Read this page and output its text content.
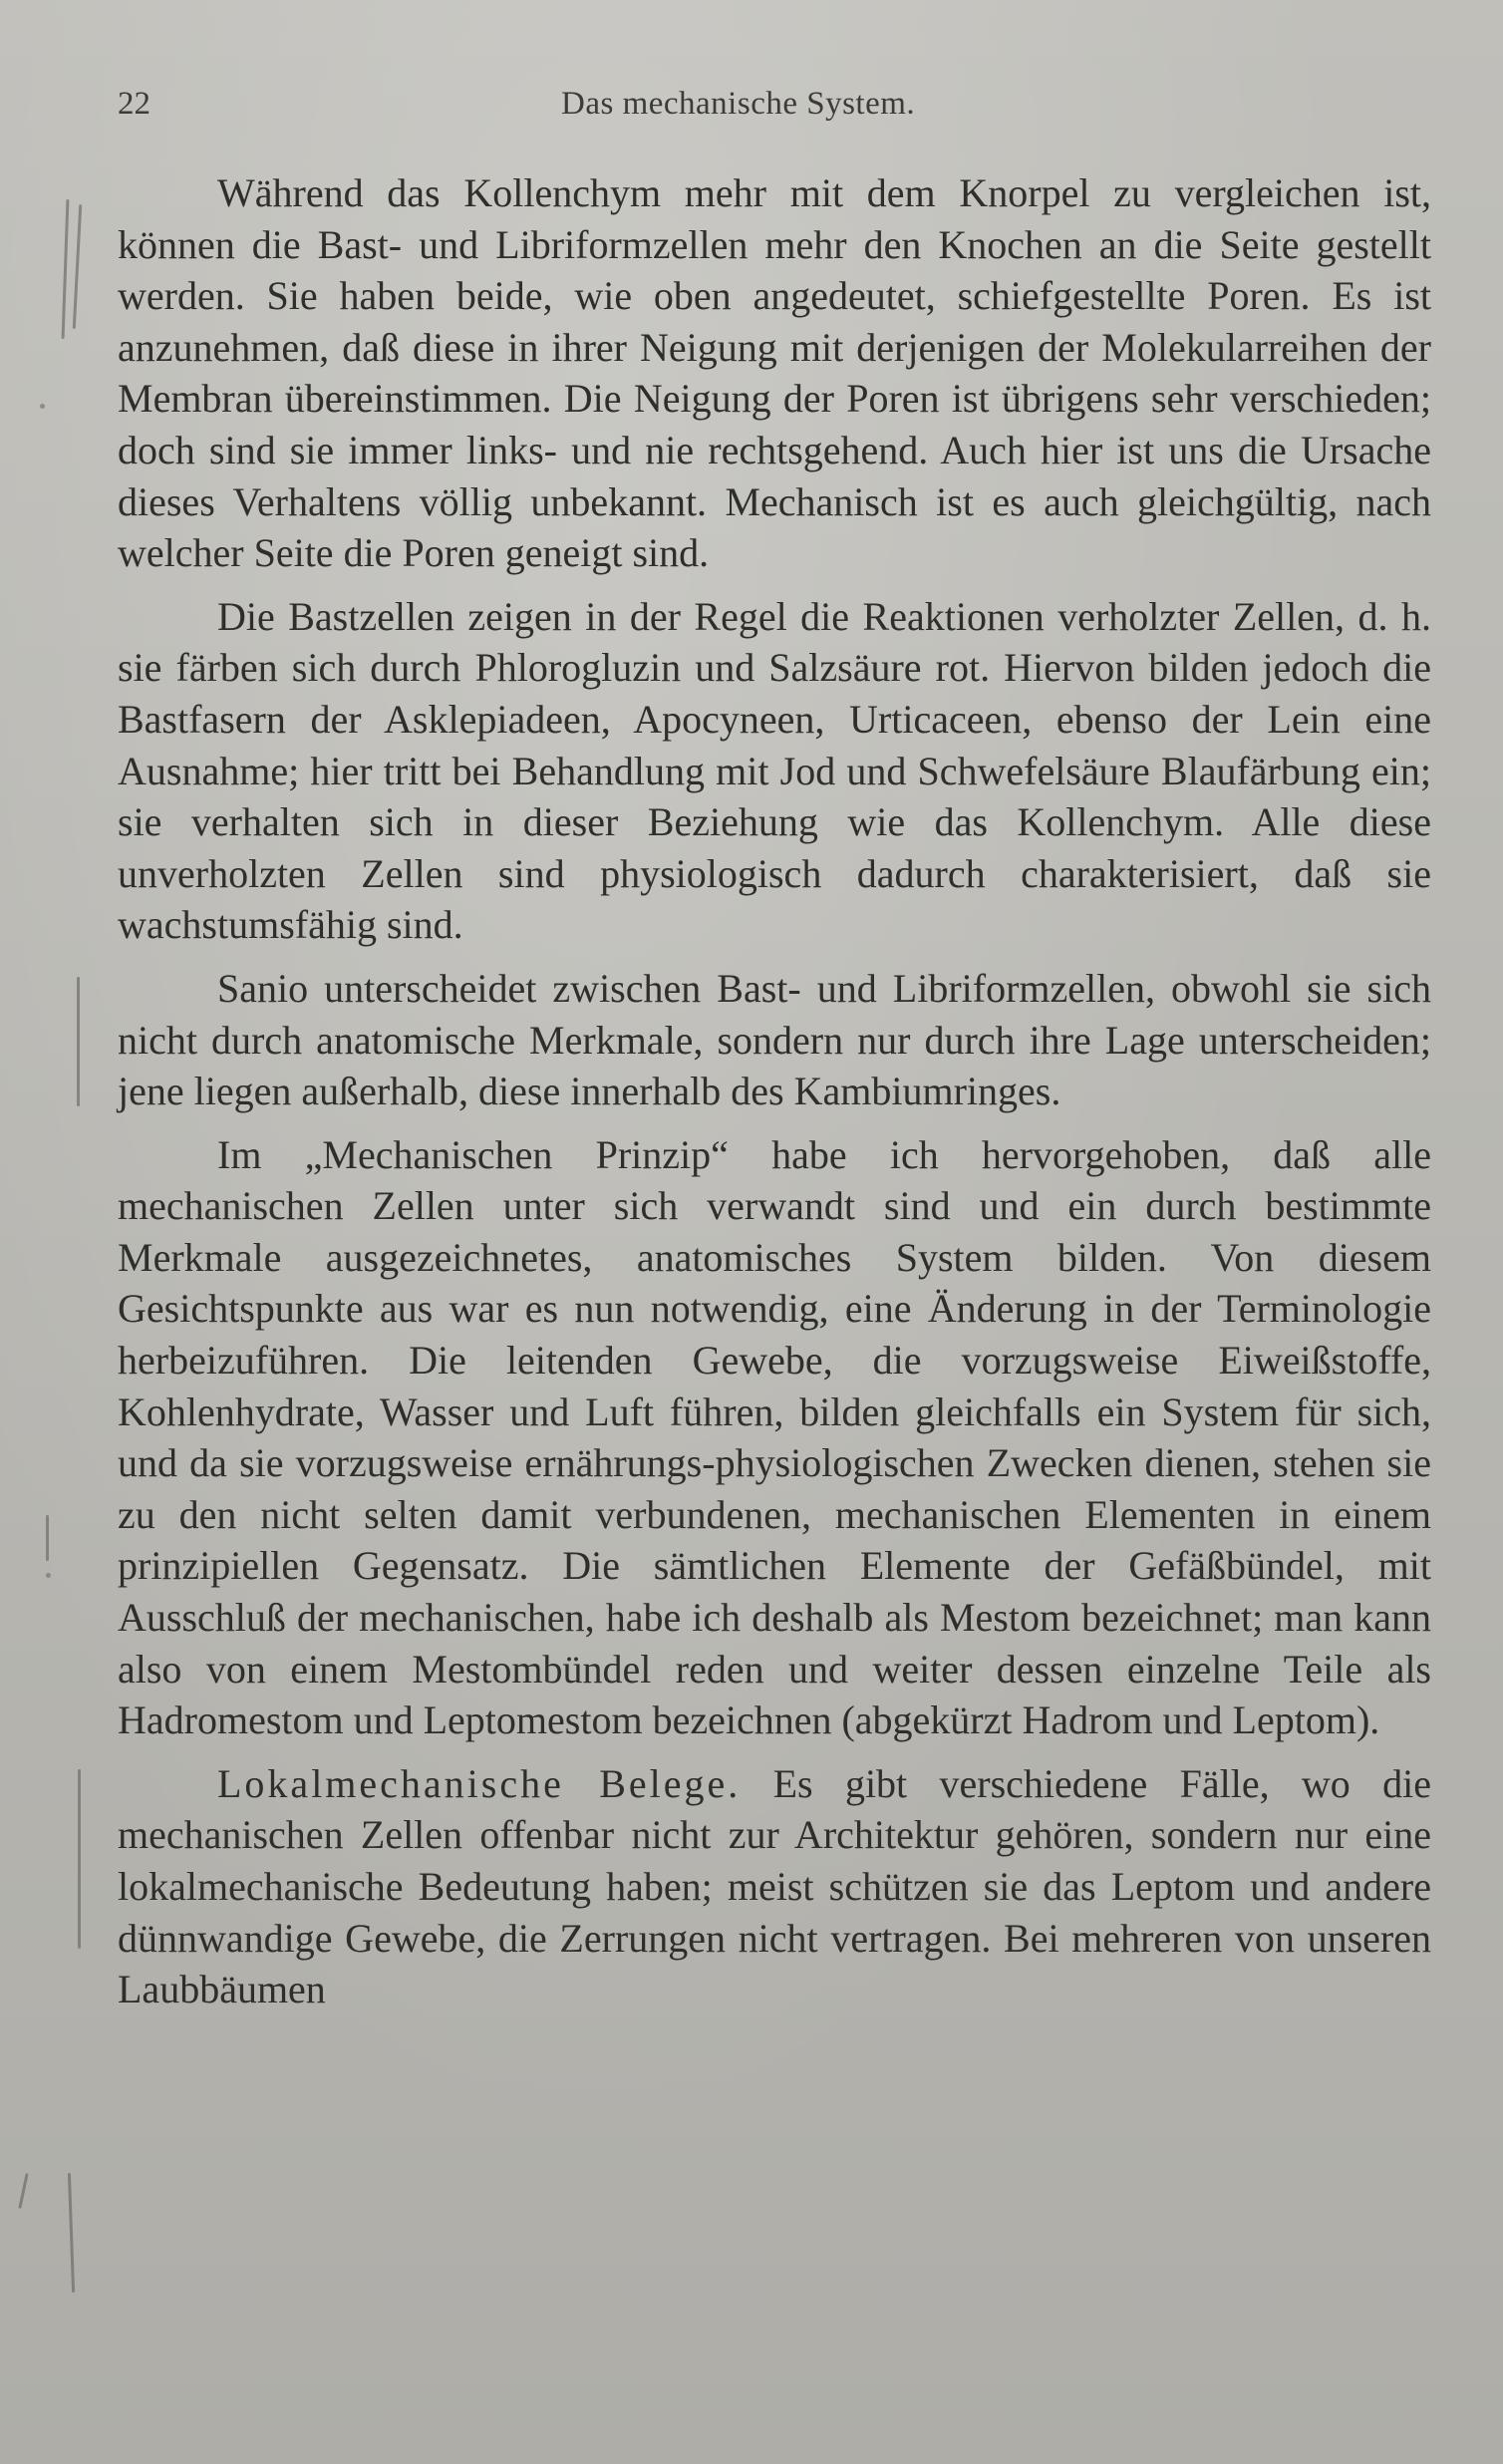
22	Das mechanische System.

Während das Kollenchym mehr mit dem Knorpel zu vergleichen ist, können die Bast- und Libriformzellen mehr den Knochen an die Seite gestellt werden. Sie haben beide, wie oben angedeutet, schiefgestellte Poren. Es ist anzunehmen, daß diese in ihrer Neigung mit derjenigen der Molekularreihen der Membran übereinstimmen. Die Neigung der Poren ist übrigens sehr verschieden; doch sind sie immer links- und nie rechtsgehend. Auch hier ist uns die Ursache dieses Verhaltens völlig unbekannt. Mechanisch ist es auch gleichgültig, nach welcher Seite die Poren geneigt sind.

Die Bastzellen zeigen in der Regel die Reaktionen verholzter Zellen, d. h. sie färben sich durch Phlorogluzin und Salzsäure rot. Hiervon bilden jedoch die Bastfasern der Asklepiadeen, Apocyneen, Urticaceen, ebenso der Lein eine Ausnahme; hier tritt bei Behandlung mit Jod und Schwefelsäure Blaufärbung ein; sie verhalten sich in dieser Beziehung wie das Kollenchym. Alle diese unverholzten Zellen sind physiologisch dadurch charakterisiert, daß sie wachstumsfähig sind.

Sanio unterscheidet zwischen Bast- und Libriformzellen, obwohl sie sich nicht durch anatomische Merkmale, sondern nur durch ihre Lage unterscheiden; jene liegen außerhalb, diese innerhalb des Kambiumringes.

Im „Mechanischen Prinzip“ habe ich hervorgehoben, daß alle mechanischen Zellen unter sich verwandt sind und ein durch bestimmte Merkmale ausgezeichnetes, anatomisches System bilden. Von diesem Gesichtspunkte aus war es nun notwendig, eine Änderung in der Terminologie herbeizuführen. Die leitenden Gewebe, die vorzugsweise Eiweißstoffe, Kohlenhydrate, Wasser und Luft führen, bilden gleichfalls ein System für sich, und da sie vorzugsweise ernährungs-physiologischen Zwecken dienen, stehen sie zu den nicht selten damit verbundenen, mechanischen Elementen in einem prinzipiellen Gegensatz. Die sämtlichen Elemente der Gefäßbündel, mit Ausschluß der mechanischen, habe ich deshalb als Mestom bezeichnet; man kann also von einem Mestombündel reden und weiter dessen einzelne Teile als Hadromestom und Leptomestom bezeichnen (abgekürzt Hadrom und Leptom).

Lokalmechanische Belege. Es gibt verschiedene Fälle, wo die mechanischen Zellen offenbar nicht zur Architektur gehören, sondern nur eine lokalmechanische Bedeutung haben; meist schützen sie das Leptom und andere dünnwandige Gewebe, die Zerrungen nicht vertragen. Bei mehreren von unseren Laubbäumen
